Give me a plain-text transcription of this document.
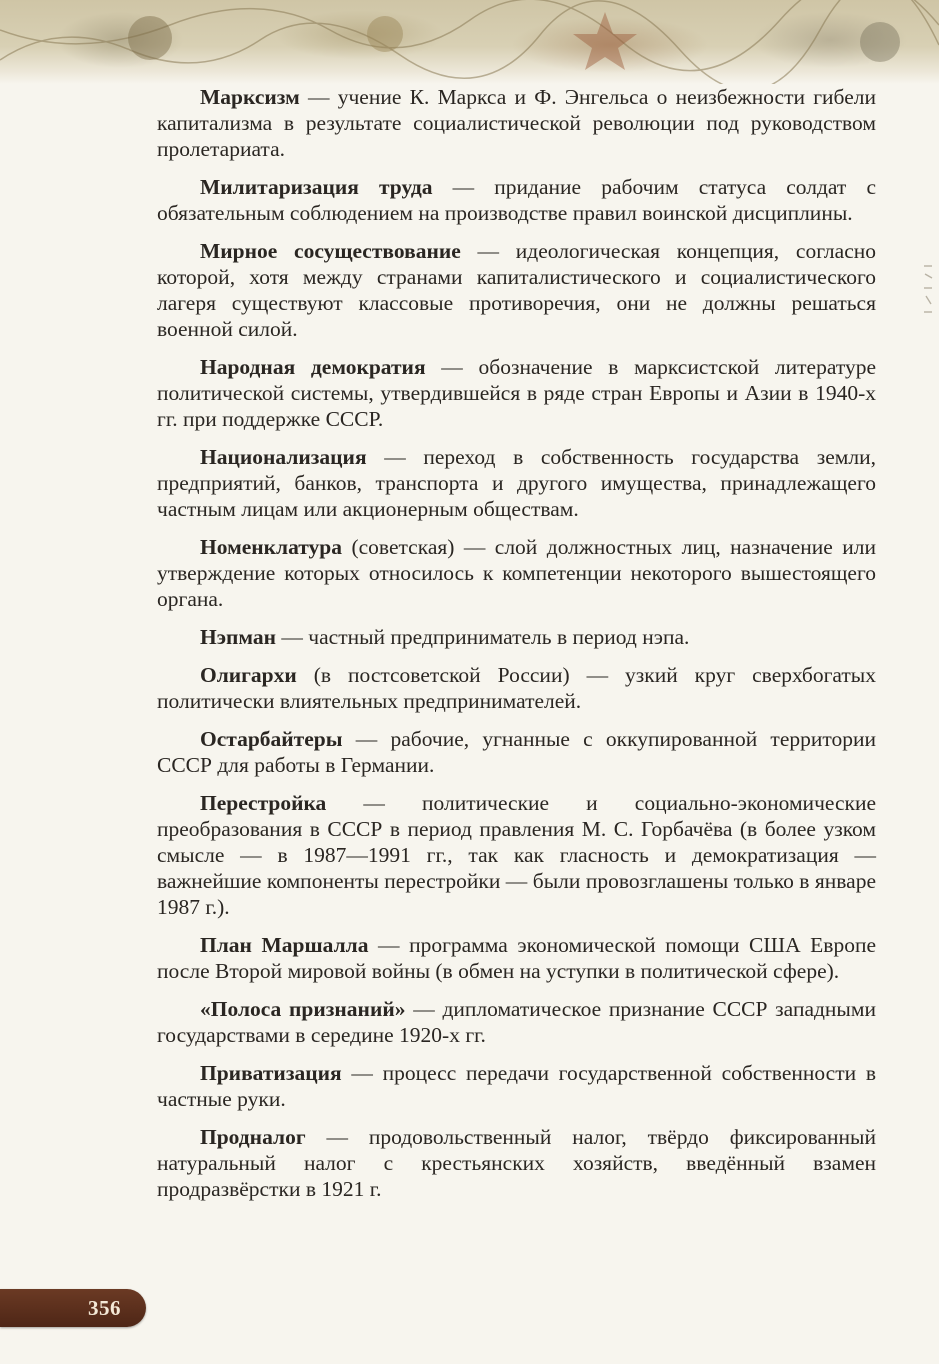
Марксизм — учение К. Маркса и Ф. Энгельса о неизбежности гибели капитализма в результате социалистической революции под руководством пролетариата.

Милитаризация труда — придание рабочим статуса солдат с обязательным соблюдением на производстве правил воинской дисциплины.

Мирное сосуществование — идеологическая концепция, согласно которой, хотя между странами капиталистического и социалистического лагеря существуют классовые противоречия, они не должны решаться военной силой.

Народная демократия — обозначение в марксистской литературе политической системы, утвердившейся в ряде стран Европы и Азии в 1940-х гг. при поддержке СССР.

Национализация — переход в собственность государства земли, предприятий, банков, транспорта и другого имущества, принадлежащего частным лицам или акционерным обществам.

Номенклатура (советская) — слой должностных лиц, назначение или утверждение которых относилось к компетенции некоторого вышестоящего органа.

Нэпман — частный предприниматель в период нэпа.

Олигархи (в постсоветской России) — узкий круг сверхбогатых политически влиятельных предпринимателей.

Остарбайтеры — рабочие, угнанные с оккупированной территории СССР для работы в Германии.

Перестройка — политические и социально-экономические преобразования в СССР в период правления М. С. Горбачёва (в более узком смысле — в 1987—1991 гг., так как гласность и демократизация — важнейшие компоненты перестройки — были провозглашены только в январе 1987 г.).

План Маршалла — программа экономической помощи США Европе после Второй мировой войны (в обмен на уступки в политической сфере).

«Полоса признаний» — дипломатическое признание СССР западными государствами в середине 1920-х гг.

Приватизация — процесс передачи государственной собственности в частные руки.

Продналог — продовольственный налог, твёрдо фиксированный натуральный налог с крестьянских хозяйств, введённый взамен продразвёрстки в 1921 г.

356
